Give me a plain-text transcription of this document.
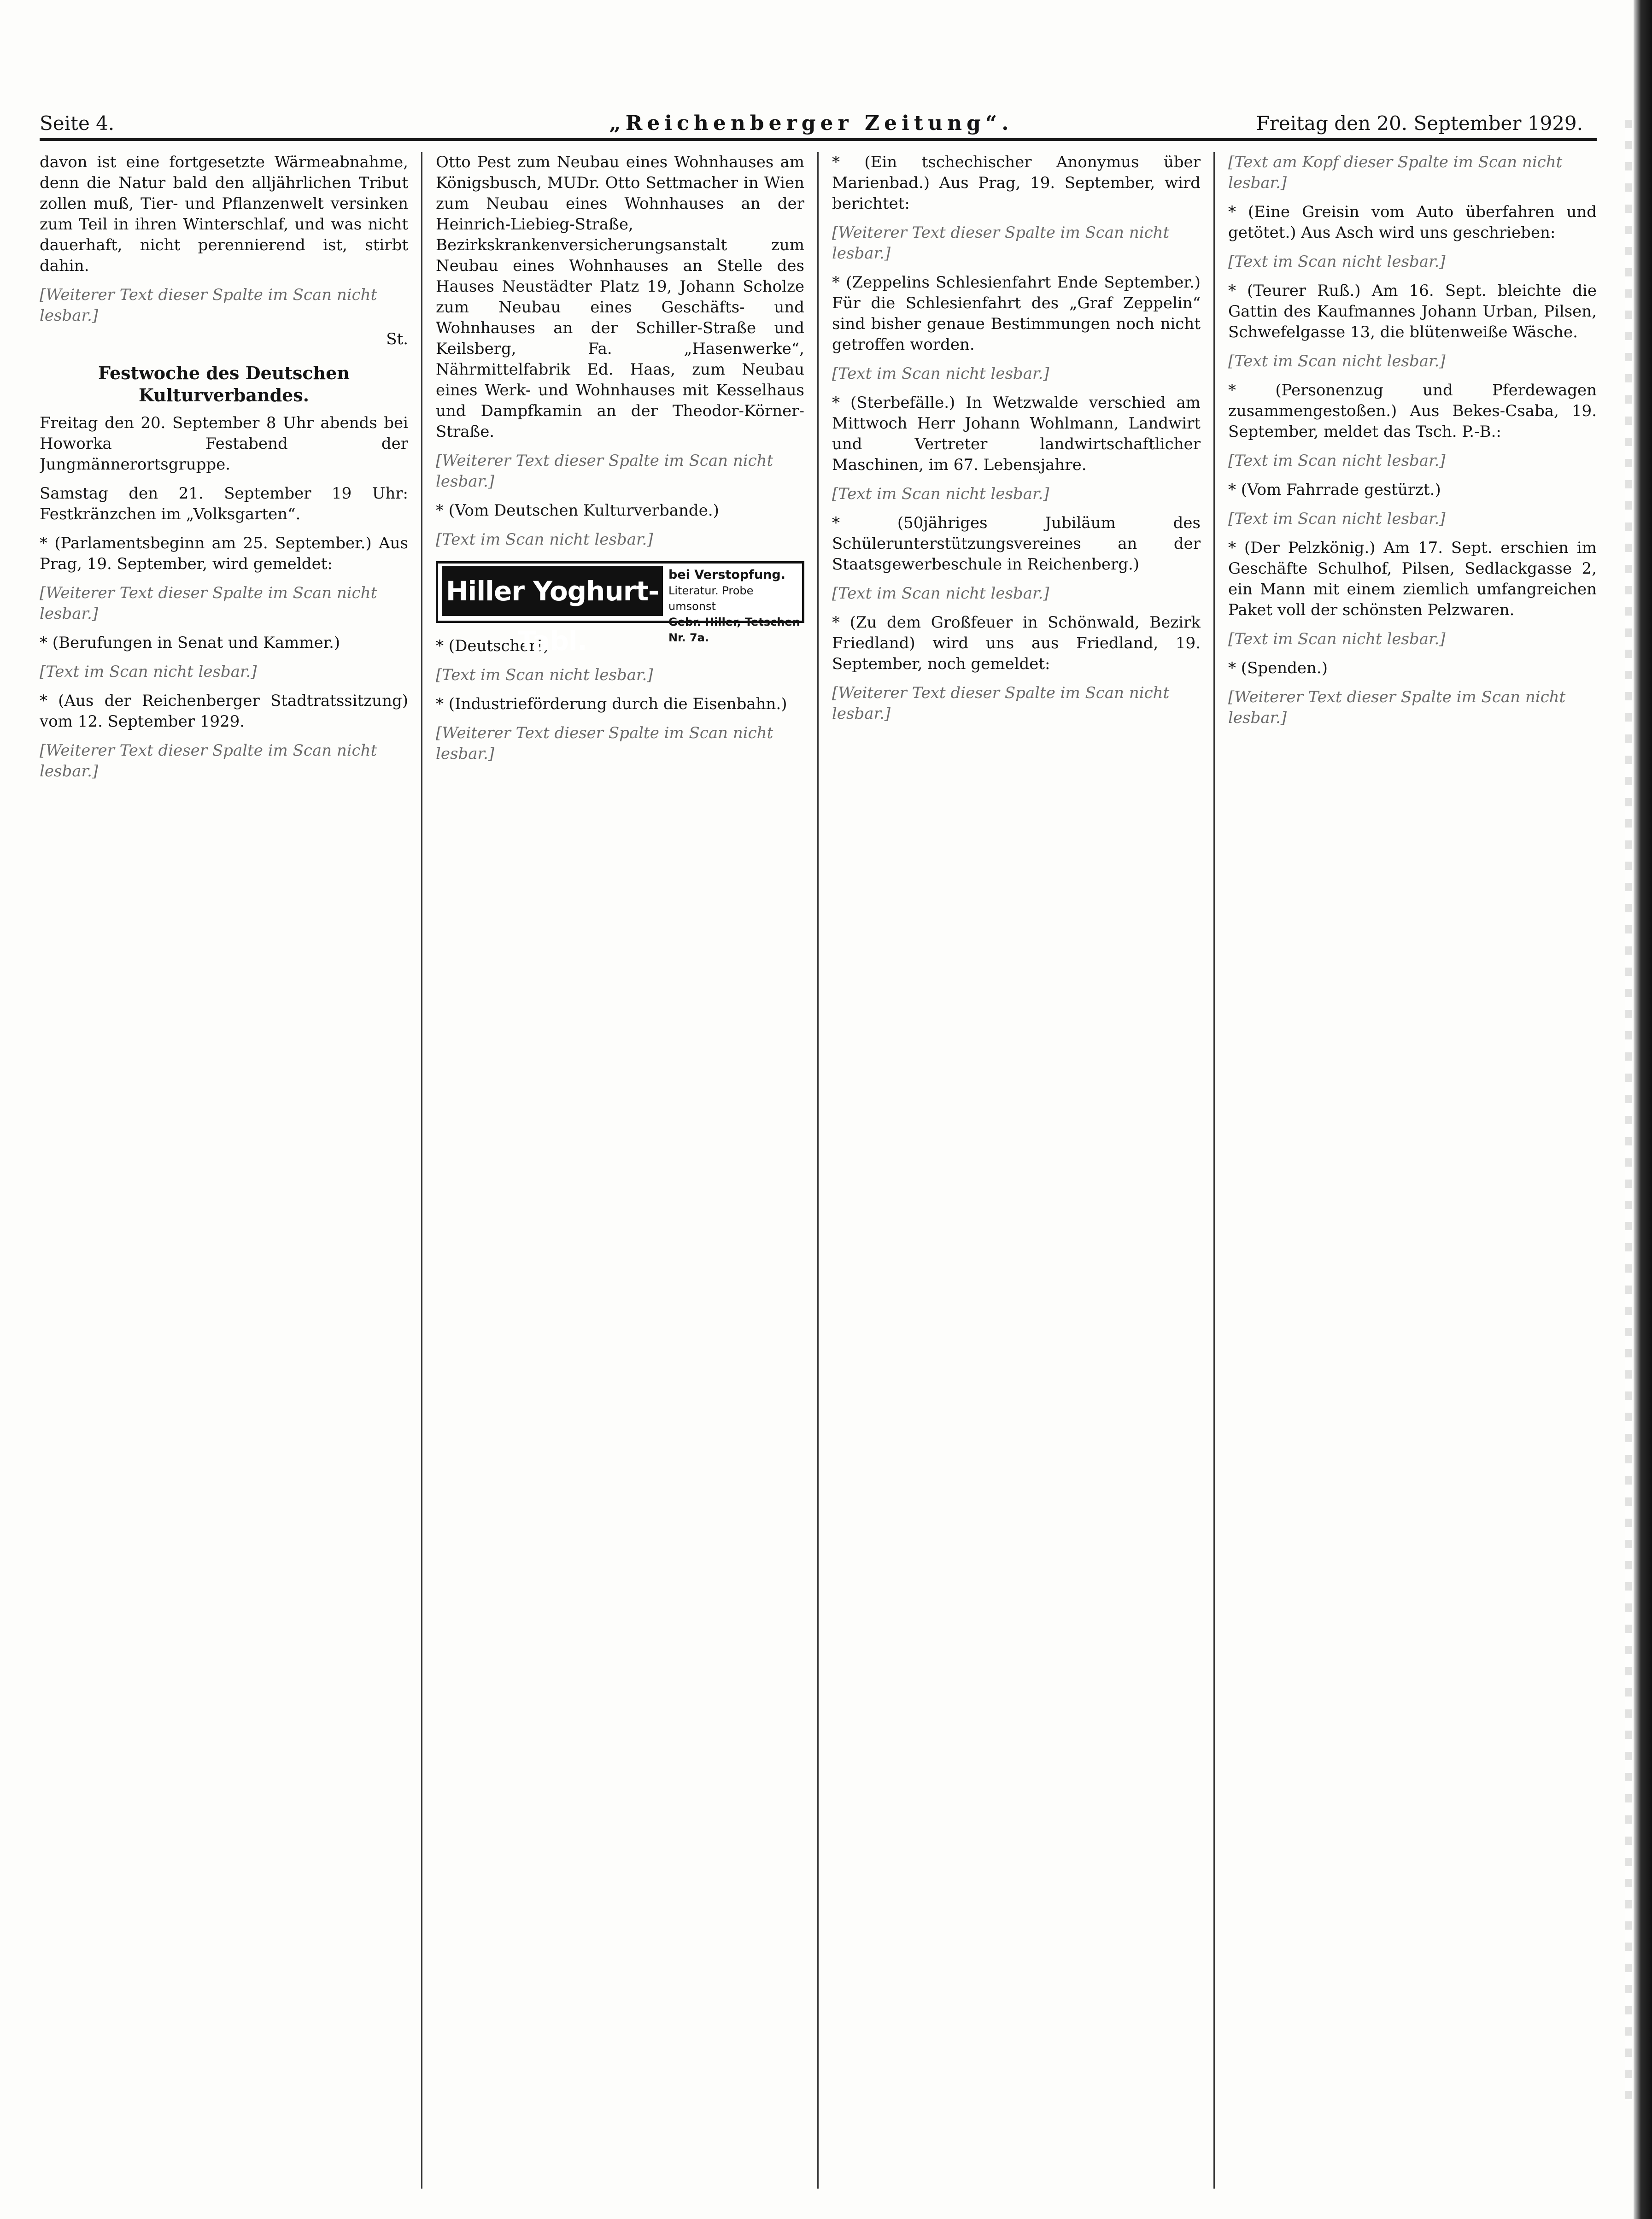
Seite 4.	„Reichenberger Zeitung“.	Freitag den 20. September 1929.

davon ist eine fortgesetzte Wärmeabnahme, denn die Natur bald den alljährlichen Tribut zollen muß, Tier- und Pflanzenwelt versinken zum Teil in ihren Winterschlaf, und was nicht dauerhaft, nicht perennierend ist, stirbt dahin.

[Weiterer Text dieser Spalte im Scan nicht lesbar.]

St.
Festwoche des Deutschen Kulturverbandes.

Freitag den 20. September 8 Uhr abends bei Howorka Festabend der Jungmännerortsgruppe.

Samstag den 21. September 19 Uhr: Festkränzchen im „Volksgarten“.

* (Parlamentsbeginn am 25. September.) Aus Prag, 19. September, wird gemeldet:

[Weiterer Text dieser Spalte im Scan nicht lesbar.]

* (Berufungen in Senat und Kammer.)

[Text im Scan nicht lesbar.]

* (Aus der Reichenberger Stadtratssitzung) vom 12. September 1929.

[Weiterer Text dieser Spalte im Scan nicht lesbar.]

Otto Pest zum Neubau eines Wohnhauses am Königsbusch, MUDr. Otto Settmacher in Wien zum Neubau eines Wohnhauses an der Heinrich-Liebieg-Straße, Bezirkskrankenversicherungsanstalt zum Neubau eines Wohnhauses an Stelle des Hauses Neustädter Platz 19, Johann Scholze zum Neubau eines Geschäfts- und Wohnhauses an der Schiller-Straße und Keilsberg, Fa. „Hasenwerke“, Nährmittelfabrik Ed. Haas, zum Neubau eines Werk- und Wohnhauses mit Kesselhaus und Dampfkamin an der Theodor-Körner-Straße.

[Weiterer Text dieser Spalte im Scan nicht lesbar.]

* (Vom Deutschen Kulturverbande.)

[Text im Scan nicht lesbar.]

Hiller Yoghurt-Tabl.
bei Verstopfung.
Literatur. Probe umsonst
Gebr. Hiller, Tetschen Nr. 7a.

* (Deutscher!)

[Text im Scan nicht lesbar.]

* (Industrieförderung durch die Eisenbahn.)

[Weiterer Text dieser Spalte im Scan nicht lesbar.]

* (Ein tschechischer Anonymus über Marienbad.) Aus Prag, 19. September, wird berichtet:

[Weiterer Text dieser Spalte im Scan nicht lesbar.]

* (Zeppelins Schlesienfahrt Ende September.) Für die Schlesienfahrt des „Graf Zeppelin“ sind bisher genaue Bestimmungen noch nicht getroffen worden.

[Text im Scan nicht lesbar.]

* (Sterbefälle.) In Wetzwalde verschied am Mittwoch Herr Johann Wohlmann, Landwirt und Vertreter landwirtschaftlicher Maschinen, im 67. Lebensjahre.

[Text im Scan nicht lesbar.]

* (50jähriges Jubiläum des Schülerunterstützungsvereines an der Staatsgewerbeschule in Reichenberg.)

[Text im Scan nicht lesbar.]

* (Zu dem Großfeuer in Schönwald, Bezirk Friedland) wird uns aus Friedland, 19. September, noch gemeldet:

[Weiterer Text dieser Spalte im Scan nicht lesbar.]

[Text am Kopf dieser Spalte im Scan nicht lesbar.]

* (Eine Greisin vom Auto überfahren und getötet.) Aus Asch wird uns geschrieben:

[Text im Scan nicht lesbar.]

* (Teurer Ruß.) Am 16. Sept. bleichte die Gattin des Kaufmannes Johann Urban, Pilsen, Schwefelgasse 13, die blütenweiße Wäsche.

[Text im Scan nicht lesbar.]

* (Personenzug und Pferdewagen zusammengestoßen.) Aus Bekes-Csaba, 19. September, meldet das Tsch. P.-B.:

[Text im Scan nicht lesbar.]

* (Vom Fahrrade gestürzt.)

[Text im Scan nicht lesbar.]

* (Der Pelzkönig.) Am 17. Sept. erschien im Geschäfte Schulhof, Pilsen, Sedlackgasse 2, ein Mann mit einem ziemlich umfangreichen Paket voll der schönsten Pelzwaren.

[Text im Scan nicht lesbar.]

* (Spenden.)

[Weiterer Text dieser Spalte im Scan nicht lesbar.]
